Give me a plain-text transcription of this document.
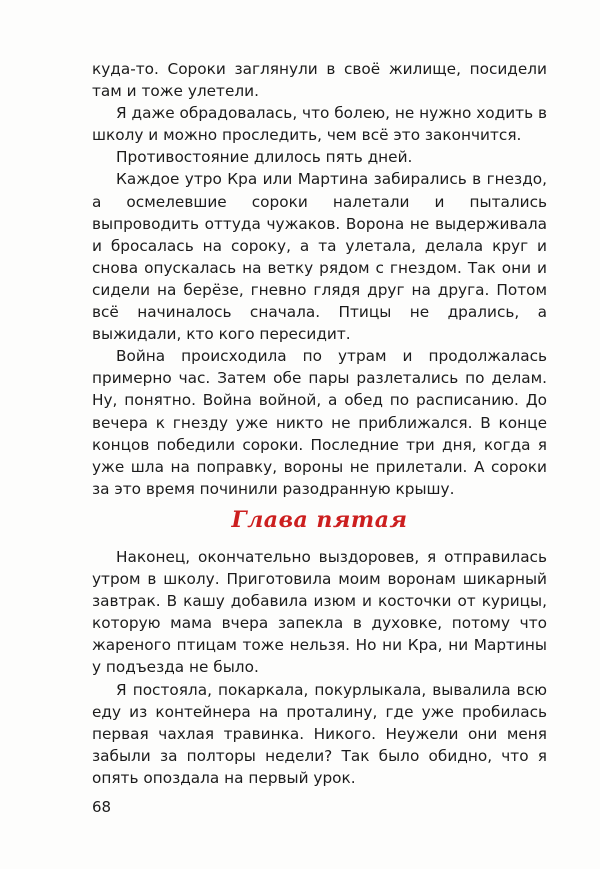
куда-то. Сороки заглянули в своё жилище, посидели там и тоже улетели.

Я даже обрадовалась, что болею, не нужно ходить в школу и можно проследить, чем всё это закончится.

Противостояние длилось пять дней.

Каждое утро Кра или Мартина забирались в гнездо, а осмелевшие сороки налетали и пытались выпроводить оттуда чужаков. Ворона не выдерживала и бросалась на сороку, а та улетала, делала круг и снова опускалась на ветку рядом с гнездом. Так они и сидели на берёзе, гневно глядя друг на друга. Потом всё начиналось сначала. Птицы не дрались, а выжидали, кто кого пересидит.

Война происходила по утрам и продолжалась примерно час. Затем обе пары разлетались по делам. Ну, понятно. Война войной, а обед по расписанию. До вечера к гнезду уже никто не приближался. В конце концов победили сороки. Последние три дня, когда я уже шла на поправку, вороны не прилетали. А сороки за это время починили разодранную крышу.

Глава пятая

Наконец, окончательно выздоровев, я отправилась утром в школу. Приготовила моим воронам шикарный завтрак. В кашу добавила изюм и косточки от курицы, которую мама вчера запекла в духовке, потому что жареного птицам тоже нельзя. Но ни Кра, ни Мартины у подъезда не было.

Я постояла, покаркала, покурлыкала, вывалила всю еду из контейнера на проталину, где уже пробилась первая чахлая травинка. Никого. Неужели они меня забыли за полторы недели? Так было обидно, что я опять опоздала на первый урок.

68
